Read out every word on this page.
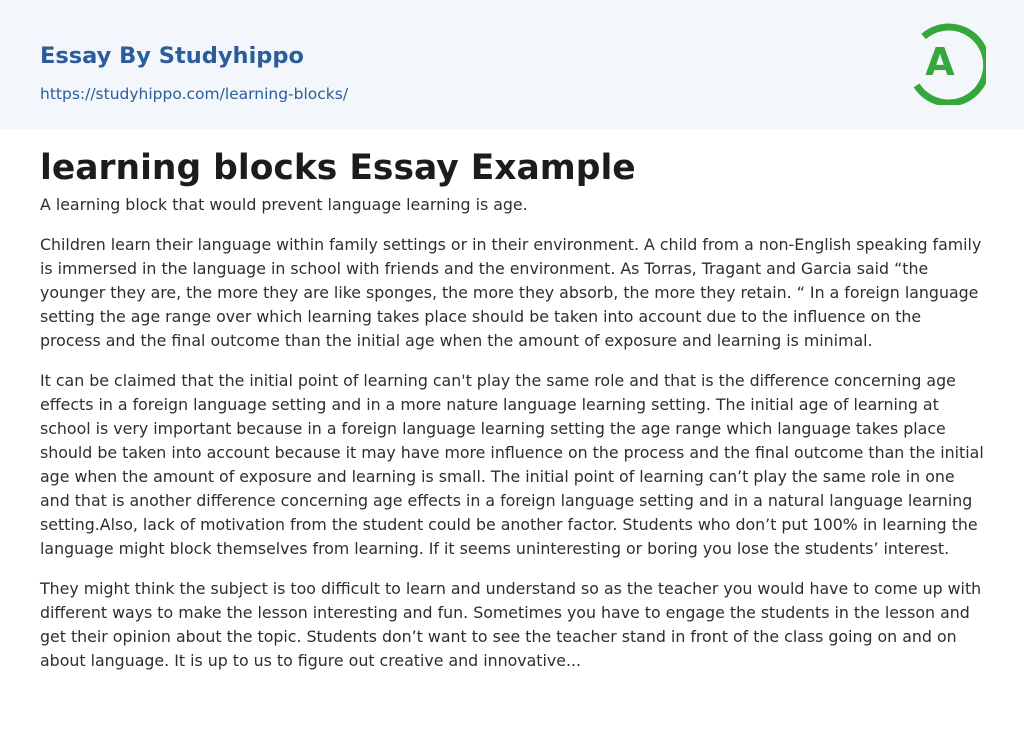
Essay By Studyhippo
https://studyhippo.com/learning-blocks/
A
learning blocks Essay Example

A learning block that would prevent language learning is age.

Children learn their language within family settings or in their environment. A child from a non-English speaking family is immersed in the language in school with friends and the environment. As Torras, Tragant and Garcia said “the younger they are, the more they are like sponges, the more they absorb, the more they retain. “ In a foreign language setting the age range over which learning takes place should be taken into account due to the influence on the process and the final outcome than the initial age when the amount of exposure and learning is minimal.

It can be claimed that the initial point of learning can't play the same role and that is the difference concerning age effects in a foreign language setting and in a more nature language learning setting. The initial age of learning at school is very important because in a foreign language learning setting the age range which language takes place should be taken into account because it may have more influence on the process and the final outcome than the initial age when the amount of exposure and learning is small. The initial point of learning can’t play the same role in one and that is another difference concerning age effects in a foreign language setting and in a natural language learning setting.Also, lack of motivation from the student could be another factor. Students who don’t put 100% in learning the language might block themselves from learning. If it seems uninteresting or boring you lose the students’ interest.

They might think the subject is too difficult to learn and understand so as the teacher you would have to come up with different ways to make the lesson interesting and fun. Sometimes you have to engage the students in the lesson and get their opinion about the topic. Students don’t want to see the teacher stand in front of the class going on and on about language. It is up to us to figure out creative and innovative...
